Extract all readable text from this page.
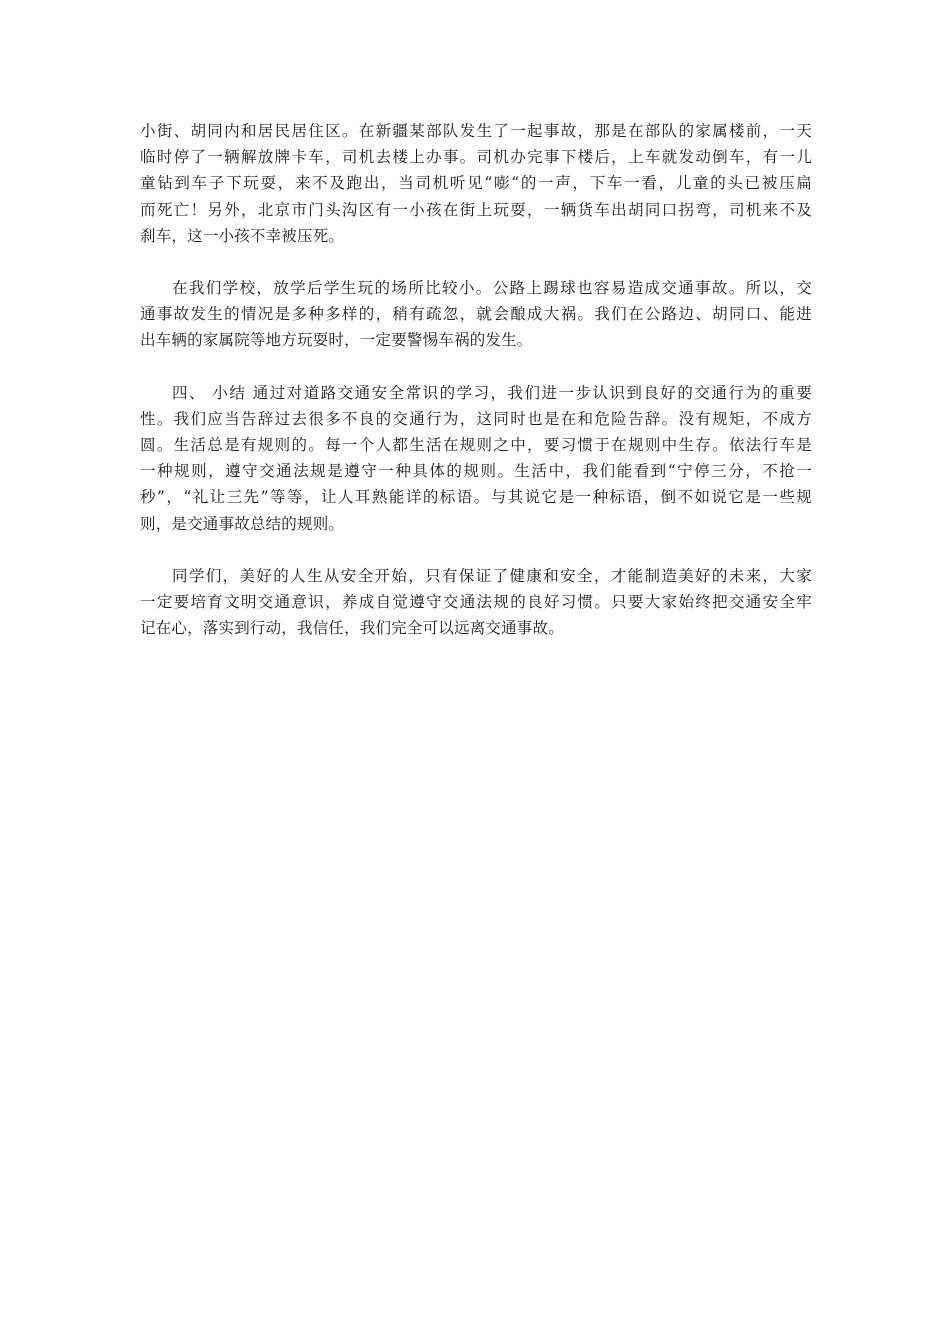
小街、胡同内和居民居住区。在新疆某部队发生了一起事故，那是在部队的家属楼前，一天
临时停了一辆解放牌卡车，司机去楼上办事。司机办完事下楼后，上车就发动倒车，有一儿
童钻到车子下玩耍，来不及跑出，当司机听见“嘭“的一声，下车一看，儿童的头已被压扁
而死亡！另外，北京市门头沟区有一小孩在街上玩耍，一辆货车出胡同口拐弯，司机来不及
刹车，这一小孩不幸被压死。

在我们学校，放学后学生玩的场所比较小。公路上踢球也容易造成交通事故。所以，交
通事故发生的情况是多种多样的，稍有疏忽，就会酿成大祸。我们在公路边、胡同口、能进
出车辆的家属院等地方玩耍时，一定要警惕车祸的发生。

四、 小结 通过对道路交通安全常识的学习，我们进一步认识到良好的交通行为的重要
性。我们应当告辞过去很多不良的交通行为，这同时也是在和危险告辞。没有规矩，不成方
圆。生活总是有规则的。每一个人都生活在规则之中，要习惯于在规则中生存。依法行车是
一种规则，遵守交通法规是遵守一种具体的规则。生活中，我们能看到“宁停三分，不抢一
秒”，“礼让三先”等等，让人耳熟能详的标语。与其说它是一种标语，倒不如说它是一些规
则，是交通事故总结的规则。

同学们，美好的人生从安全开始，只有保证了健康和安全，才能制造美好的未来，大家
一定要培育文明交通意识，养成自觉遵守交通法规的良好习惯。只要大家始终把交通安全牢
记在心，落实到行动，我信任，我们完全可以远离交通事故。
